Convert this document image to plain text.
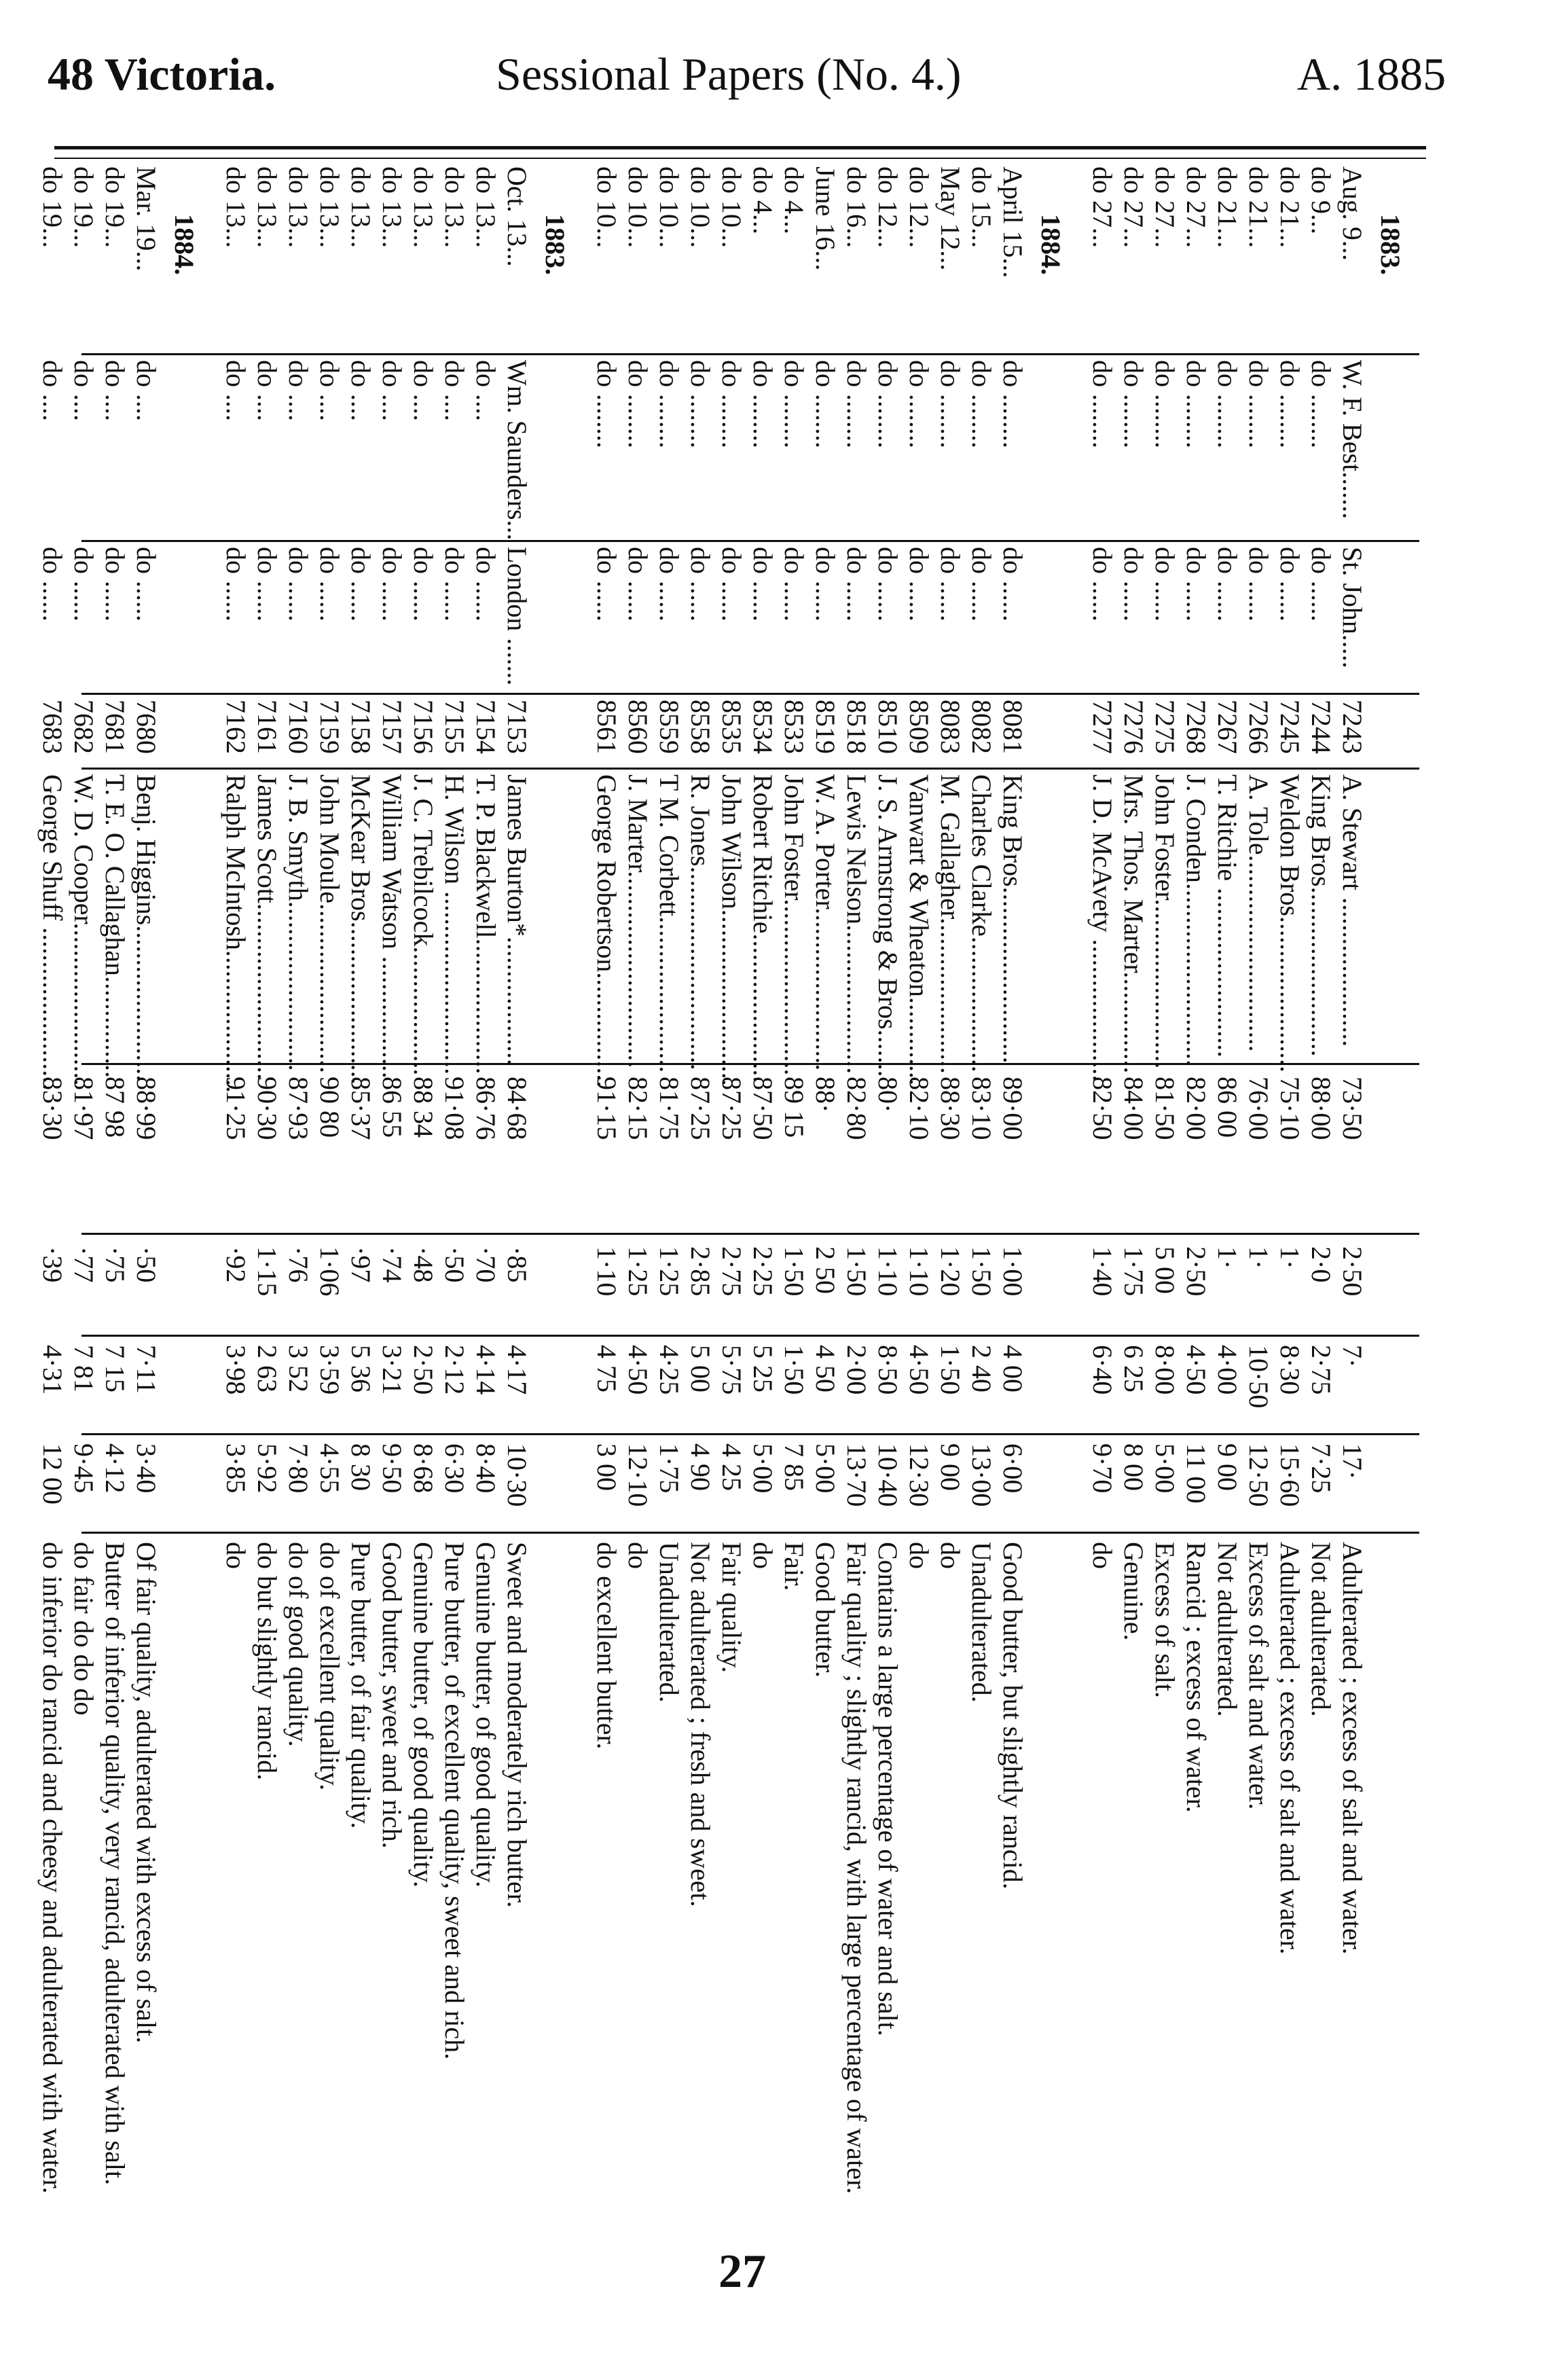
48 Victoria.	Sessional Papers (No. 4.)	A. 1885
1883.
Aug. 9...
W. F. Best.......
St. John.....
7243
A. Stewart ......................
73·50
2·50
7·
17·
Adulterated ; excess of salt and water.
do 9...
do ........
do ......
7244
King Bros.........................
88·00
2·0
2·75
7·25
Not adulterated.
do 21...
do ........
do ......
7245
Weldon Bros.......................
75·10
1·
8·30
15·60
Adulterated ; excess of salt and water.
do 21...
do ........
do ......
7266
A. Tole.............................
76·00
1·
10·50
12·50
Excess of salt and water.
do 21...
do ........
do ......
7267
T. Ritchie .........................
86 00
1·
4·00
9 00
Not adulterated.
do 27...
do ........
do ......
7268
J. Conden...........................
82·00
2·50
4·50
11 00
Rancid ; excess of water.
do 27...
do ........
do ......
7275
John Foster.........................
81·50
5 00
8·00
5·00
Excess of salt.
do 27...
do ........
do ......
7276
Mrs. Thos. Marter...............
84·00
1·75
6 25
8 00
Genuine.
do 27...
do ........
do ......
7277
J. D. McAvety .....................
82·50
1·40
6·40
9·70
do
1884.
April 15...
do ........
do ......
8081
King Bros..........................
89·00
1·00
4 00
6·00
Good butter, but slightly rancid.
do 15...
do ........
do ......
8082
Charles Clarke....................
83·10
1·50
2 40
13·00
Unadulterated.
May 12...
do ........
do ......
8083
M. Gallagher.......................
88·30
1·20
1·50
9 00
do
do 12...
do ........
do ......
8509
Vanwart & Wheaton.............
82·10
1·10
4·50
12·30
do
do 12...
do ........
do ......
8510
J. S. Armstrong & Bros.......
80·
1·10
8·50
10·40
Contains a large percentage of water and salt.
do 16...
do ........
do ......
8518
Lewis Nelson......................
82·80
1·50
2·00
13·70
Fair quality ; slightly rancid, with large percentage of water.
June 16...
do ........
do ......
8519
W. A. Porter........................
88·
2 50
4 50
5·00
Good butter.
do 4...
do ........
do ......
8533
John Foster..........................
89 15
1·50
1·50
7 85
Fair.
do 4...
do ........
do ......
8534
Robert Ritchie......................
87·50
2·25
5 25
5·00
do
do 10...
do ........
do ......
8535
John Wilson..........................
87·25
2·75
5·75
4 25
Fair quality.
do 10...
do ........
do ......
8558
R. Jones..............................
87·25
2·85
5 00
4 90
Not adulterated ; fresh and sweet.
do 10...
do ........
do ......
8559
T M. Corbett.......................
81·75
1·25
4·25
1·75
Unadulterated.
do 10...
do ........
do ......
8560
J. Marter.............................
82·15
1·25
4·50
12·10
do
do 10...
do ........
do ......
8561
George Robertson.................
91·15
1·10
4 75
3 00
do excellent butter.
1883.
Oct. 13...
Wm. Saunders...
London .......
7153
James Burton*...................
84·68
·85
4·17
10·30
Sweet and moderately rich butter.
do 13...
do ....
do ......
7154
T. P. Blackwell....................
86·76
·70
4·14
8·40
Genuine butter, of good quality.
do 13...
do ....
do ......
7155
H. Wilson ...........................
91·08
·50
2·12
6·30
Pure butter, of excellent quality, sweet and rich.
do 13...
do ....
do ......
7156
J. C. Trebilcock...................
88 34
·48
2·50
8·68
Genuine butter, of good quality.
do 13...
do ....
do ......
7157
William Watson ..................
86 55
·74
3·21
9·50
Good butter, sweet and rich.
do 13...
do ....
do ......
7158
McKear Bros........................
85·37
·97
5 36
8 30
Pure butter, of fair quality.
do 13...
do ....
do ......
7159
John Moule.........................
90 80
1·06
3·59
4·55
do of excellent quality.
do 13...
do ....
do ......
7160
J. B. Smyth.........................
87·93
·76
3 52
7·80
do of good quality.
do 13...
do ....
do ......
7161
James Scott..........................
90·30
1·15
2 63
5·92
do but slightly rancid.
do 13...
do ....
do ......
7162
Ralph McIntosh.....................
91·25
·92
3·98
3·85
do
1884.
Mar. 19...
do ....
do ......
7680
Benj. Higgins.......................
88·99
·50
7·11
3·40
Of fair quality, adulterated with excess of salt.
do 19...
do ....
do ......
7681
T. E. O. Callaghan...............
87 98
·75
7 15
4·12
Butter of inferior quality, very rancid, adulterated with salt.
do 19...
do ....
do ......
7682
W. D. Cooper........................
81·97
·77
7 81
9·45
do fair do do do
do 19...
do ....
do ......
7683
George Shuff ........................
83·30
·39
4·31
12 00
do inferior do rancid and cheesy and adulterated with water.
27
